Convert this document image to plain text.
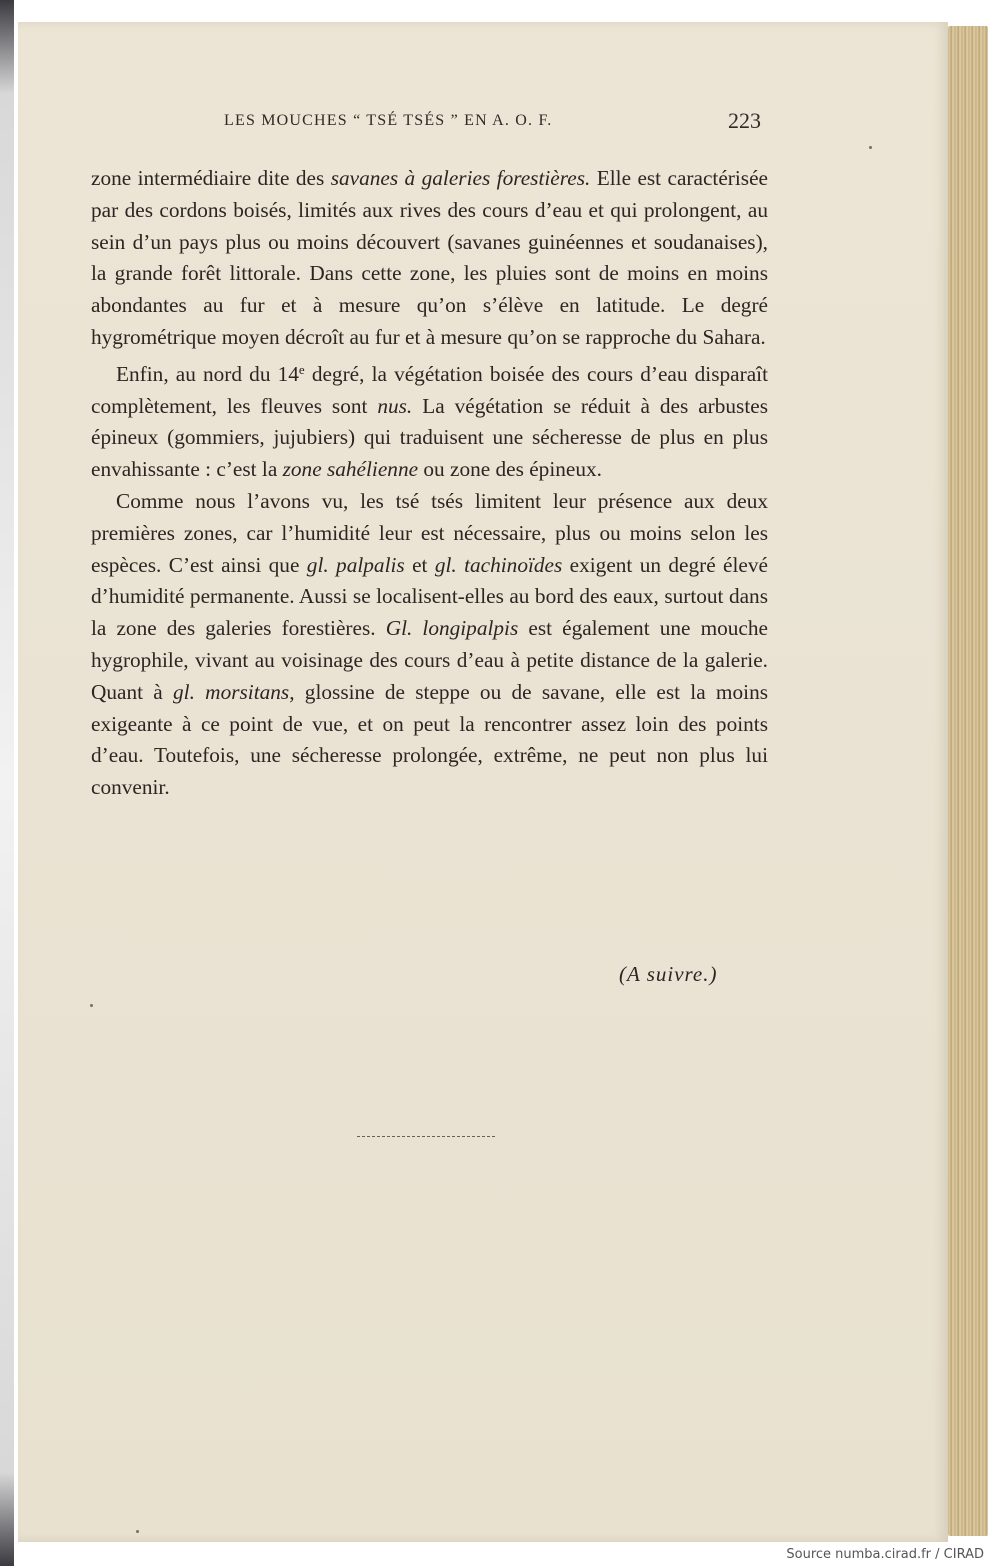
LES MOUCHES “ TSÉ TSÉS ” EN A. O. F.	223

zone intermédiaire dite des savanes à galeries forestières. Elle est caractérisée par des cordons boisés, limités aux rives des cours d’eau et qui prolongent, au sein d’un pays plus ou moins découvert (savanes guinéennes et soudanaises), la grande forêt littorale. Dans cette zone, les pluies sont de moins en moins abondantes au fur et à mesure qu’on s’élève en latitude. Le degré hygrométrique moyen décroît au fur et à mesure qu’on se rapproche du Sahara.

Enfin, au nord du 14e degré, la végétation boisée des cours d’eau disparaît complètement, les fleuves sont nus. La végétation se réduit à des arbustes épineux (gommiers, jujubiers) qui traduisent une sécheresse de plus en plus envahissante : c’est la zone sahélienne ou zone des épineux.

Comme nous l’avons vu, les tsé tsés limitent leur présence aux deux premières zones, car l’humidité leur est nécessaire, plus ou moins selon les espèces. C’est ainsi que gl. palpalis et gl. tachinoïdes exigent un degré élevé d’humidité permanente. Aussi se localisent-elles au bord des eaux, surtout dans la zone des galeries forestières. Gl. longipalpis est également une mouche hygrophile, vivant au voisinage des cours d’eau à petite distance de la galerie. Quant à gl. morsitans, glossine de steppe ou de savane, elle est la moins exigeante à ce point de vue, et on peut la rencontrer assez loin des points d’eau. Toutefois, une sécheresse prolongée, extrême, ne peut non plus lui convenir.

(A suivre.)
Source numba.cirad.fr / CIRAD
